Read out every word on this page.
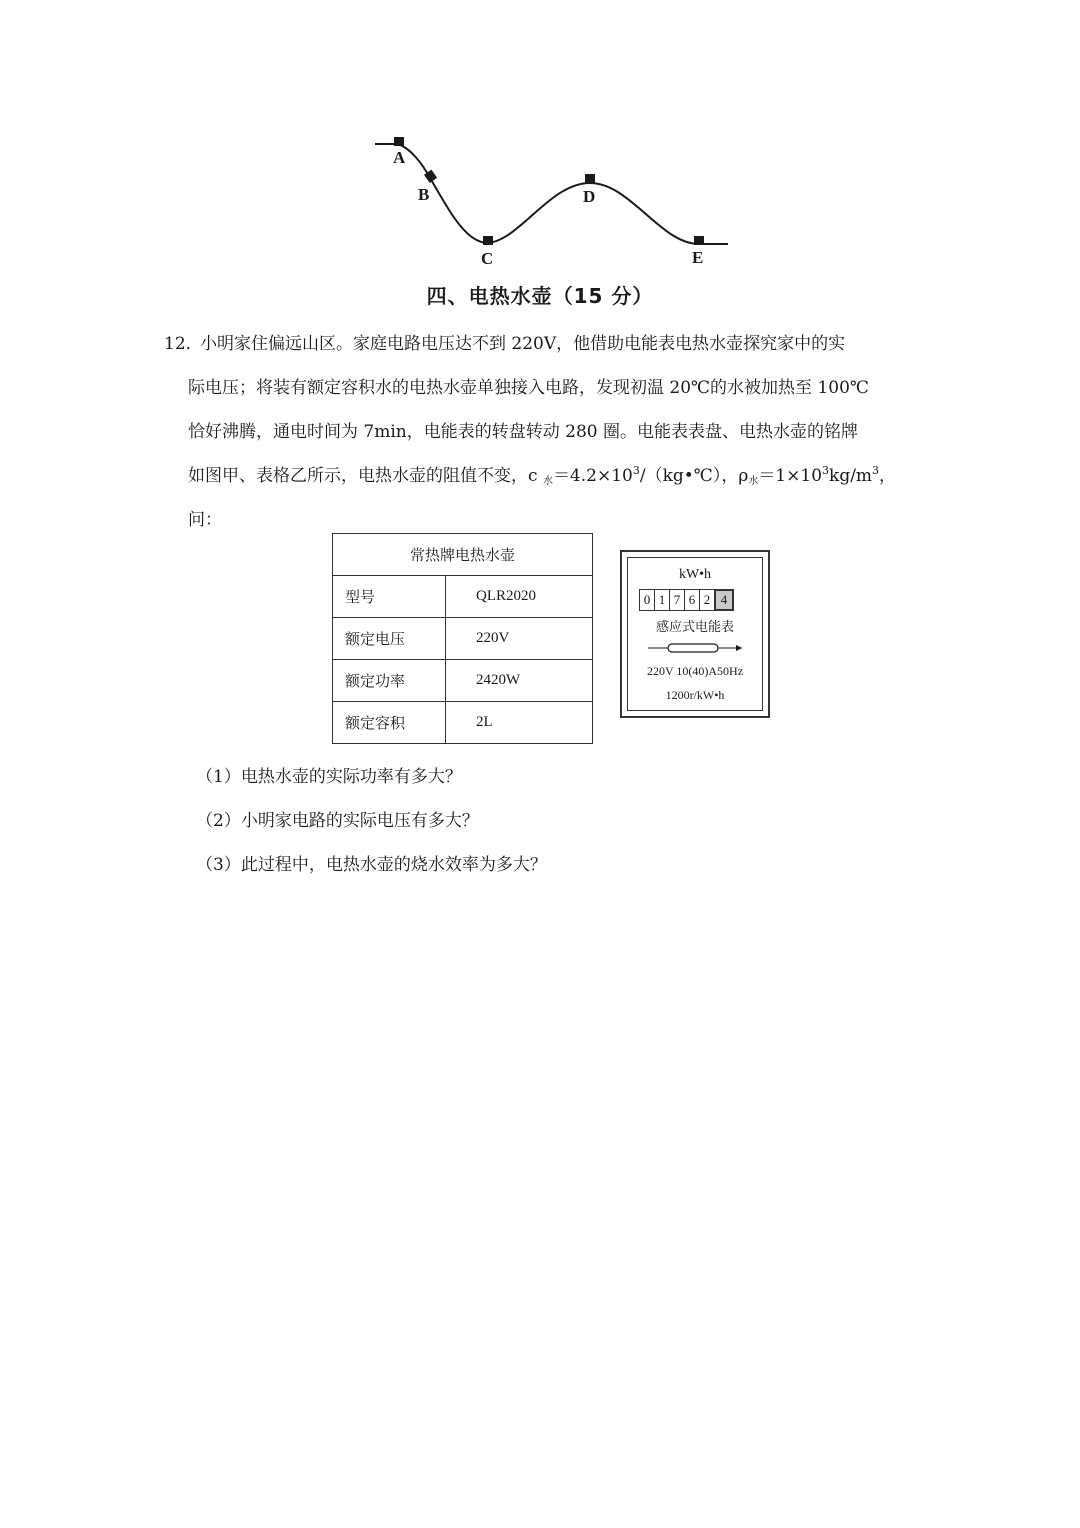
A
B
C
D
E
四、电热水壶（15 分）
12．小明家住偏远山区。家庭电路电压达不到 220V，他借助电能表电热水壶探究家中的实
际电压；将装有额定容积水的电热水壶单独接入电路，发现初温 20℃的水被加热至 100℃
恰好沸腾，通电时间为 7min，电能表的转盘转动 280 圈。电能表表盘、电热水壶的铭牌
如图甲、表格乙所示，电热水壶的阻值不变，c $_水=4.2\times 10^3/(kg•℃)$，$\rho_水=1\times 10^3kg/m^3$，
问：
常热牌电热水壶	
型号	QLR2020
额定电压	220V
额定功率	2420W
额定容积	2L
kW•h
0 1 7 6 2 4
感应式电能表
220V 10(40)A50Hz
1200r/kW•h
（1）电热水壶的实际功率有多大？
（2）小明家电路的实际电压有多大？
（3）此过程中，电热水壶的烧水效率为多大？
